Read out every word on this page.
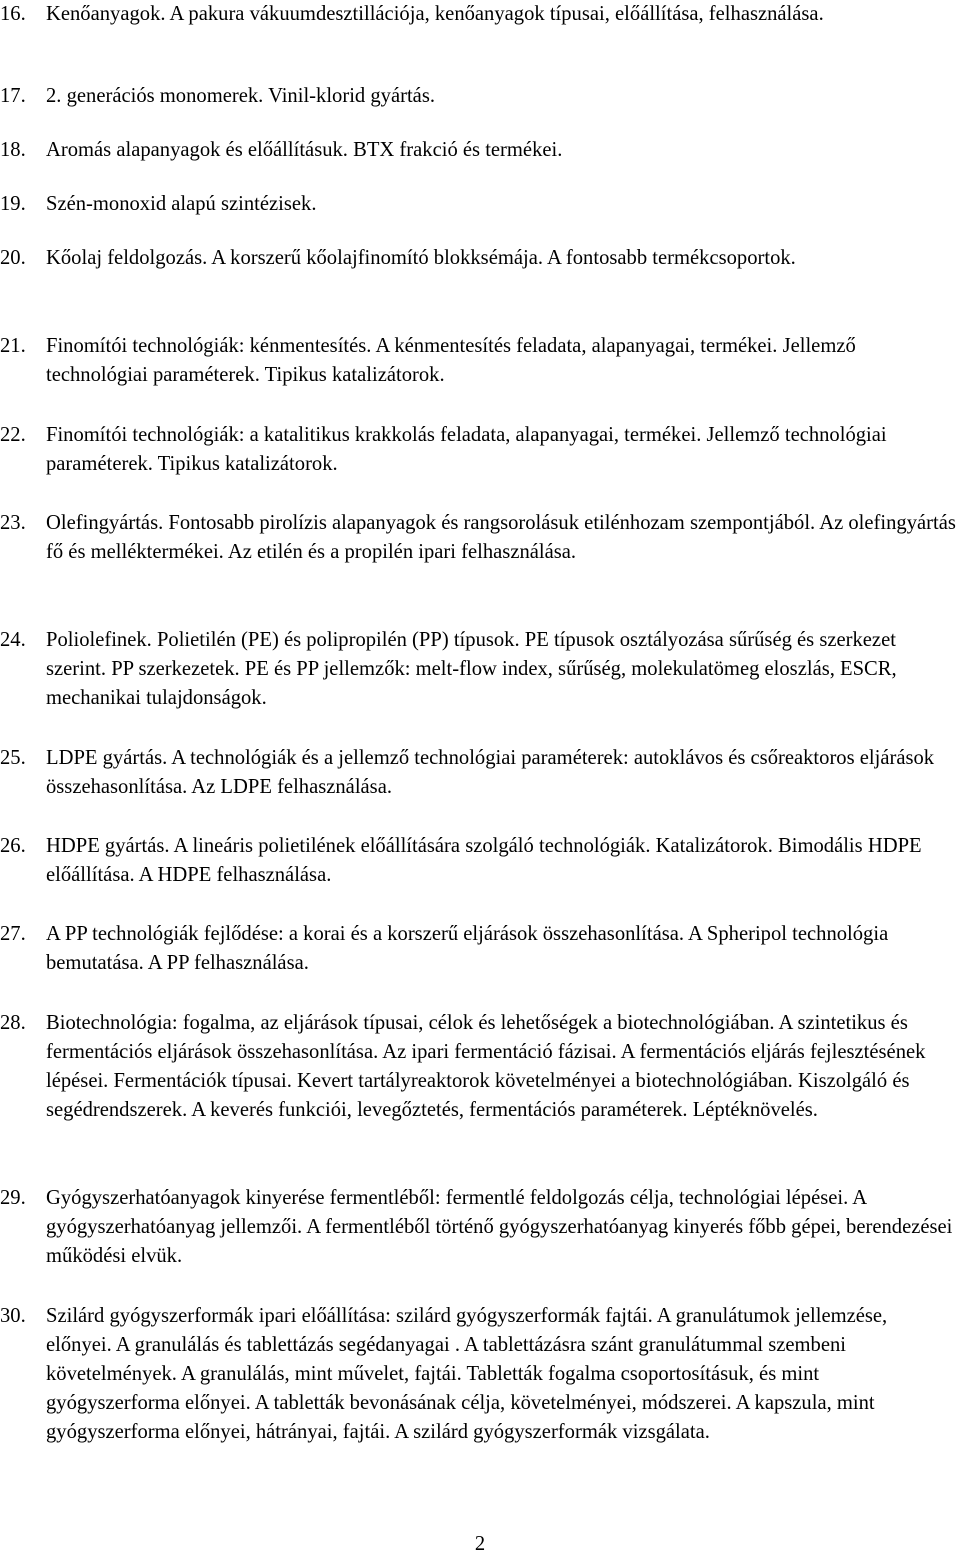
16. Kenőanyagok. A pakura vákuumdesztillációja, kenőanyagok típusai, előállítása, felhasználása.
17. 2. generációs monomerek. Vinil-klorid gyártás.
18. Aromás alapanyagok és előállításuk. BTX frakció és termékei.
19. Szén-monoxid alapú szintézisek.
20. Kőolaj feldolgozás. A korszerű kőolajfinomító blokksémája. A fontosabb termékcsoportok.
21. Finomítói technológiák: kénmentesítés. A kénmentesítés feladata, alapanyagai, termékei. Jellemző technológiai paraméterek. Tipikus katalizátorok.
22. Finomítói technológiák: a katalitikus krakkolás feladata, alapanyagai, termékei. Jellemző technológiai paraméterek. Tipikus katalizátorok.
23. Olefingyártás. Fontosabb pirolízis alapanyagok és rangsorolásuk etilénhozam szempontjából. Az olefingyártás fő és melléktermékei. Az etilén és a propilén ipari felhasználása.
24. Poliolefinek. Polietilén (PE) és polipropilén (PP) típusok. PE típusok osztályozása sűrűség és szerkezet szerint. PP szerkezetek. PE és PP jellemzők: melt-flow index, sűrűség, molekulatömeg eloszlás, ESCR, mechanikai tulajdonságok.
25. LDPE gyártás. A technológiák és a jellemző technológiai paraméterek: autoklávos és csőreaktoros eljárások összehasonlítása. Az LDPE felhasználása.
26. HDPE gyártás. A lineáris polietilének előállítására szolgáló technológiák. Katalizátorok. Bimodális HDPE előállítása. A HDPE felhasználása.
27. A PP technológiák fejlődése: a korai és a korszerű eljárások összehasonlítása. A Spheripol technológia bemutatása. A PP felhasználása.
28. Biotechnológia: fogalma, az eljárások típusai, célok és lehetőségek a biotechnológiában. A szintetikus és fermentációs eljárások összehasonlítása. Az ipari fermentáció fázisai. A fermentációs eljárás fejlesztésének lépései. Fermentációk típusai. Kevert tartályreaktorok követelményei a biotechnológiában. Kiszolgáló és segédrendszerek. A keverés funkciói, levegőztetés, fermentációs paraméterek. Léptéknövelés.
29. Gyógyszerhatóanyagok kinyerése fermentléből: fermentlé feldolgozás célja, technológiai lépései. A gyógyszerhatóanyag jellemzői. A fermentléből történő gyógyszerhatóanyag kinyerés főbb gépei, berendezései működési elvük.
30. Szilárd gyógyszerformák ipari előállítása: szilárd gyógyszerformák fajtái. A granulátumok jellemzése, előnyei. A granulálás és tablettázás segédanyagai . A tablettázásra szánt granulátummal szembeni követelmények. A granulálás, mint művelet, fajtái. Tabletták fogalma csoportosításuk, és mint gyógyszerforma előnyei. A tabletták bevonásának célja, követelményei, módszerei. A kapszula, mint gyógyszerforma előnyei, hátrányai, fajtái. A szilárd gyógyszerformák vizsgálata.
2
